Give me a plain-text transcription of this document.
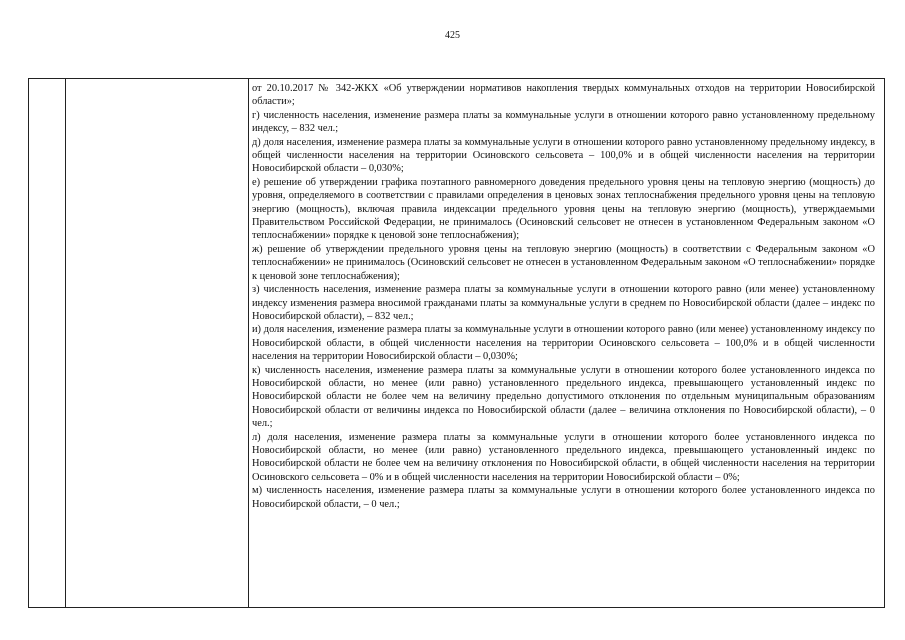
425

от 20.10.2017 № 342-ЖКХ «Об утверждении нормативов накопления твердых коммунальных отходов на территории Новосибирской области»;

г) численность населения, изменение размера платы за коммунальные услуги в отношении которого равно установленному предельному индексу, – 832 чел.;

д) доля населения, изменение размера платы за коммунальные услуги в отношении которого равно установленному предельному индексу, в общей численности населения на территории Осиновского сельсовета – 100,0% и в общей численности населения на территории Новосибирской области – 0,030%;

е) решение об утверждении графика поэтапного равномерного доведения предельного уровня цены на тепловую энергию (мощность) до уровня, определяемого в соответствии с правилами определения в ценовых зонах теплоснабжения предельного уровня цены на тепловую энергию (мощность), включая правила индексации предельного уровня цены на тепловую энергию (мощность), утверждаемыми Правительством Российской Федерации, не принималось (Осиновский сельсовет не отнесен в установленном Федеральным законом «О теплоснабжении» порядке к ценовой зоне теплоснабжения);

ж) решение об утверждении предельного уровня цены на тепловую энергию (мощность) в соответствии с Федеральным законом «О теплоснабжении» не принималось (Осиновский сельсовет не отнесен в установленном Федеральным законом «О теплоснабжении» порядке к ценовой зоне теплоснабжения);

з) численность населения, изменение размера платы за коммунальные услуги в отношении которого равно (или менее) установленному индексу изменения размера вносимой гражданами платы за коммунальные услуги в среднем по Новосибирской области (далее – индекс по Новосибирской области), – 832 чел.;

и) доля населения, изменение размера платы за коммунальные услуги в отношении которого равно (или менее) установленному индексу по Новосибирской области, в общей численности населения на территории Осиновского сельсовета – 100,0% и в общей численности населения на территории Новосибирской области – 0,030%;

к) численность населения, изменение размера платы за коммунальные услуги в отношении которого более установленного индекса по Новосибирской области, но менее (или равно) установленного предельного индекса, превышающего установленный индекс по Новосибирской области не более чем на величину предельно допустимого отклонения по отдельным муниципальным образованиям Новосибирской области от величины индекса по Новосибирской области (далее – величина отклонения по Новосибирской области), – 0 чел.;

л) доля населения, изменение размера платы за коммунальные услуги в отношении которого более установленного индекса по Новосибирской области, но менее (или равно) установленного предельного индекса, превышающего установленный индекс по Новосибирской области не более чем на величину отклонения по Новосибирской области, в общей численности населения на территории Осиновского сельсовета – 0% и в общей численности населения на территории Новосибирской области – 0%;

м) численность населения, изменение размера платы за коммунальные услуги в отношении которого более установленного индекса по Новосибирской области, – 0 чел.;
